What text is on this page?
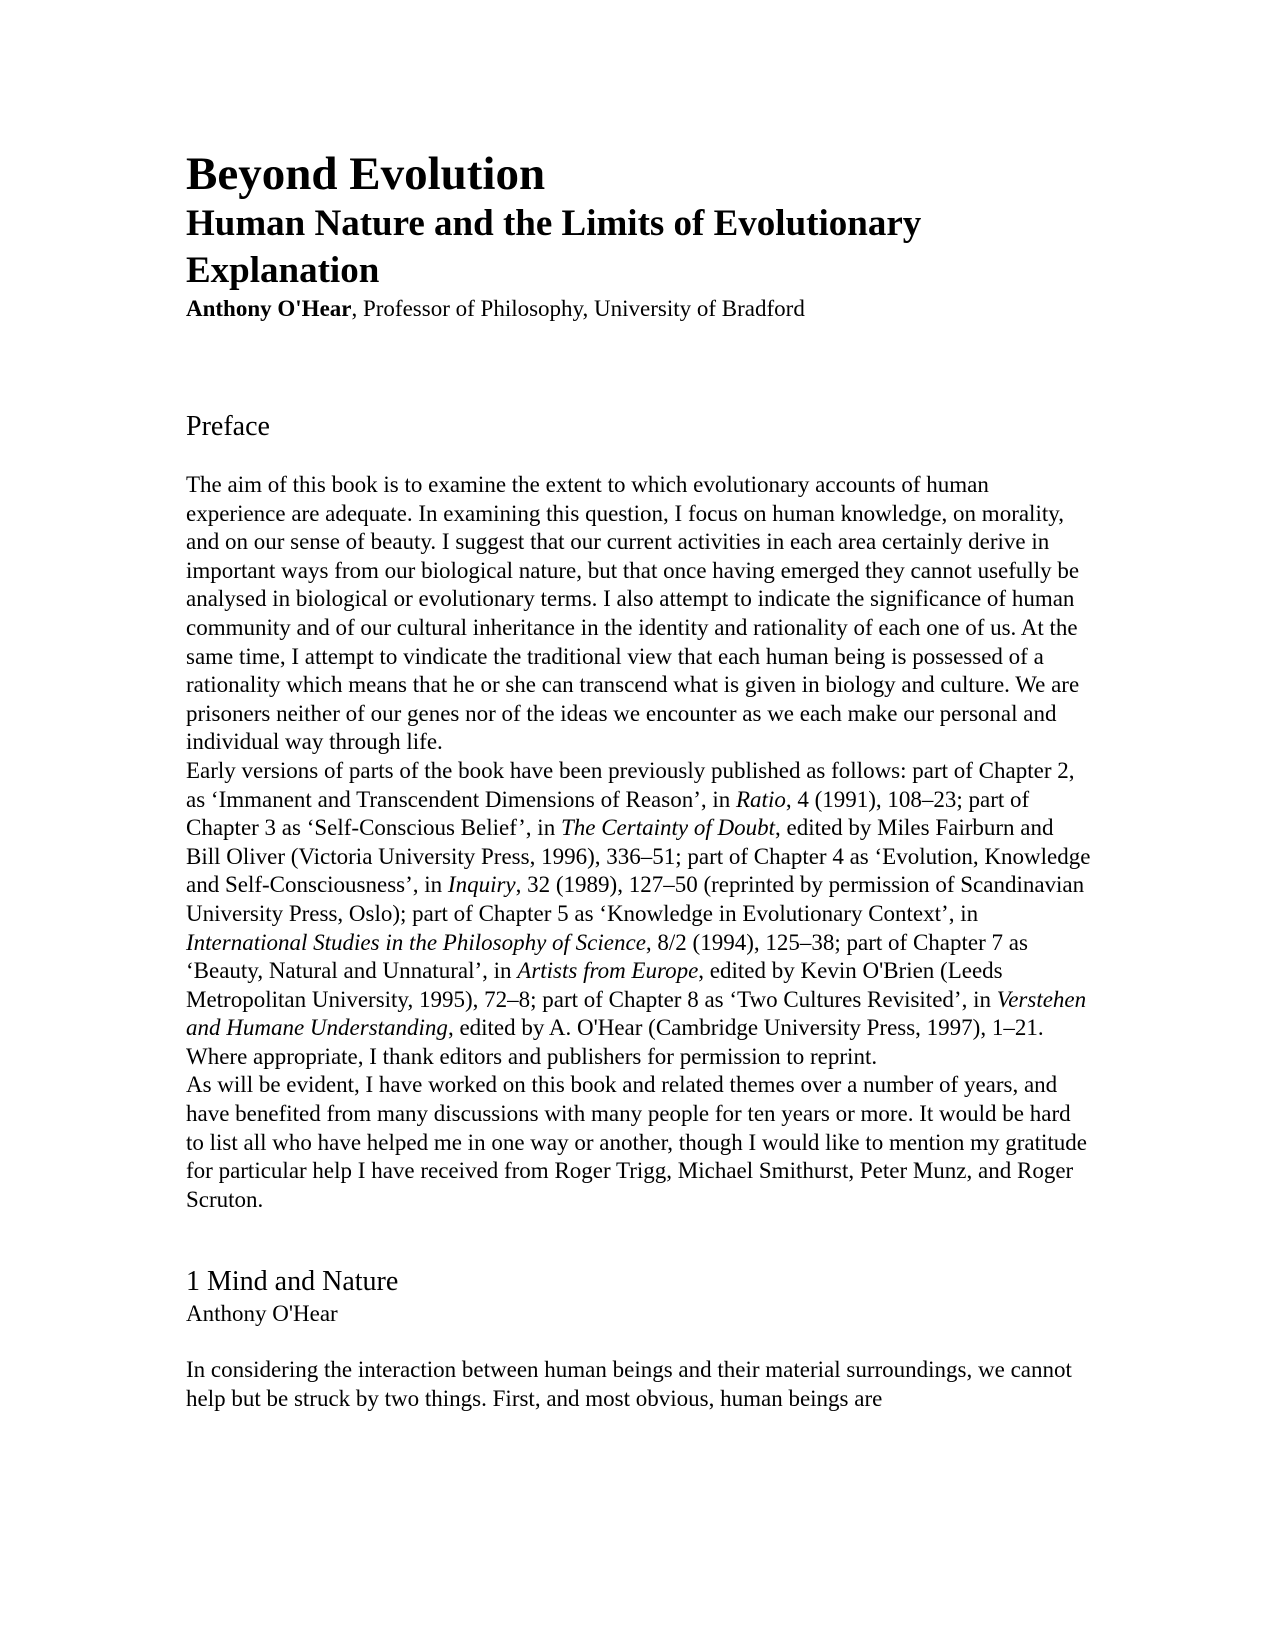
Beyond Evolution
Human Nature and the Limits of Evolutionary Explanation

Anthony O'Hear, Professor of Philosophy, University of Bradford

Preface

The aim of this book is to examine the extent to which evolutionary accounts of human experience are adequate. In examining this question, I focus on human knowledge, on morality, and on our sense of beauty. I suggest that our current activities in each area certainly derive in important ways from our biological nature, but that once having emerged they cannot usefully be analysed in biological or evolutionary terms. I also attempt to indicate the significance of human community and of our cultural inheritance in the identity and rationality of each one of us. At the same time, I attempt to vindicate the traditional view that each human being is possessed of a rationality which means that he or she can transcend what is given in biology and culture. We are prisoners neither of our genes nor of the ideas we encounter as we each make our personal and individual way through life.

Early versions of parts of the book have been previously published as follows: part of Chapter 2, as ‘Immanent and Transcendent Dimensions of Reason’, in Ratio, 4 (1991), 108–23; part of Chapter 3 as ‘Self-Conscious Belief’, in The Certainty of Doubt, edited by Miles Fairburn and Bill Oliver (Victoria University Press, 1996), 336–51; part of Chapter 4 as ‘Evolution, Knowledge and Self-Consciousness’, in Inquiry, 32 (1989), 127–50 (reprinted by permission of Scandinavian University Press, Oslo); part of Chapter 5 as ‘Knowledge in Evolutionary Context’, in International Studies in the Philosophy of Science, 8/2 (1994), 125–38; part of Chapter 7 as ‘Beauty, Natural and Unnatural’, in Artists from Europe, edited by Kevin O'Brien (Leeds Metropolitan University, 1995), 72–8; part of Chapter 8 as ‘Two Cultures Revisited’, in Verstehen and Humane Understanding, edited by A. O'Hear (Cambridge University Press, 1997), 1–21. Where appropriate, I thank editors and publishers for permission to reprint.

As will be evident, I have worked on this book and related themes over a number of years, and have benefited from many discussions with many people for ten years or more. It would be hard to list all who have helped me in one way or another, though I would like to mention my gratitude for particular help I have received from Roger Trigg, Michael Smithurst, Peter Munz, and Roger Scruton.

1 Mind and Nature

Anthony O'Hear

In considering the interaction between human beings and their material surroundings, we cannot help but be struck by two things. First, and most obvious, human beings are
